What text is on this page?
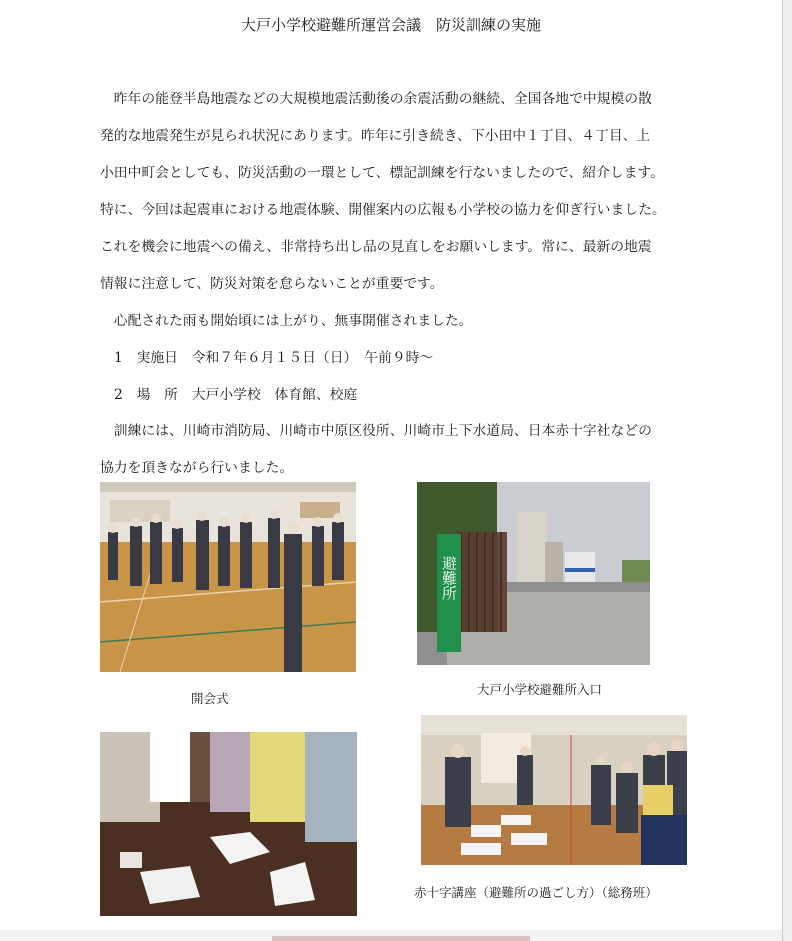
大戸小学校避難所運営会議　防災訓練の実施

昨年の能登半島地震などの大規模地震活動後の余震活動の継続、全国各地で中規模の散
発的な地震発生が見られ状況にあります。昨年に引き続き、下小田中１丁目、４丁目、上
小田中町会としても、防災活動の一環として、標記訓練を行ないましたので、紹介します。
特に、今回は起震車における地震体験、開催案内の広報も小学校の協力を仰ぎ行いました。
これを機会に地震への備え、非常持ち出し品の見直しをお願いします。常に、最新の地震
情報に注意して、防災対策を怠らないことが重要です。

心配された雨も開始頃には上がり、無事開催されました。

1　実施日　令和７年６月１５日（日）　午前９時〜
2　場　所　大戸小学校　体育館、校庭

訓練には、川崎市消防局、川崎市中原区役所、川崎市上下水道局、日本赤十字社などの
協力を頂きながら行いました。

避難所
開会式
大戸小学校避難所入口
赤十字講座（避難所の過ごし方）（総務班）
